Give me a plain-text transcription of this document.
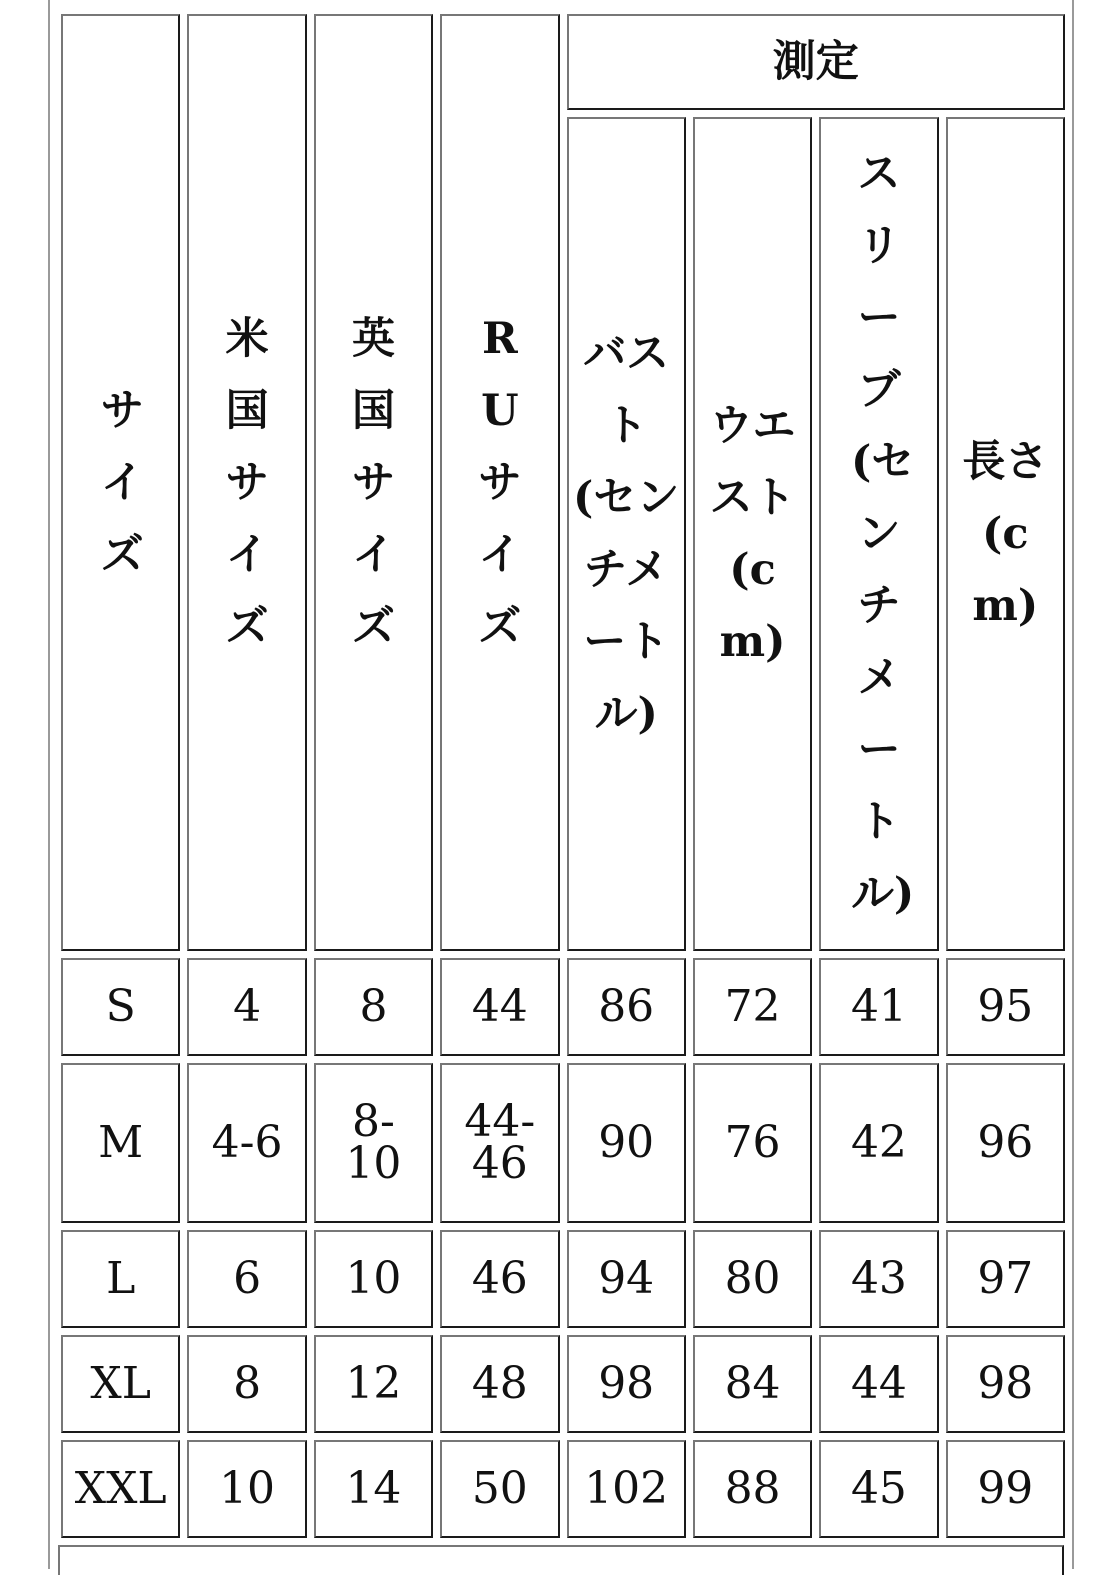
サイズ	米国サイズ	英国サイズ	RU サイズ	測定			

				バスト (センチメートル)	ウエスト (cm)	スリーブ(センチメートル)	長さ (cm)

S	4	8	44	86	72	41	95

M	4-6	8-10	44-46	90	76	42	96

L	6	10	46	94	80	43	97

XL	8	12	48	98	84	44	98

XXL	10	14	50	102	88	45	99
